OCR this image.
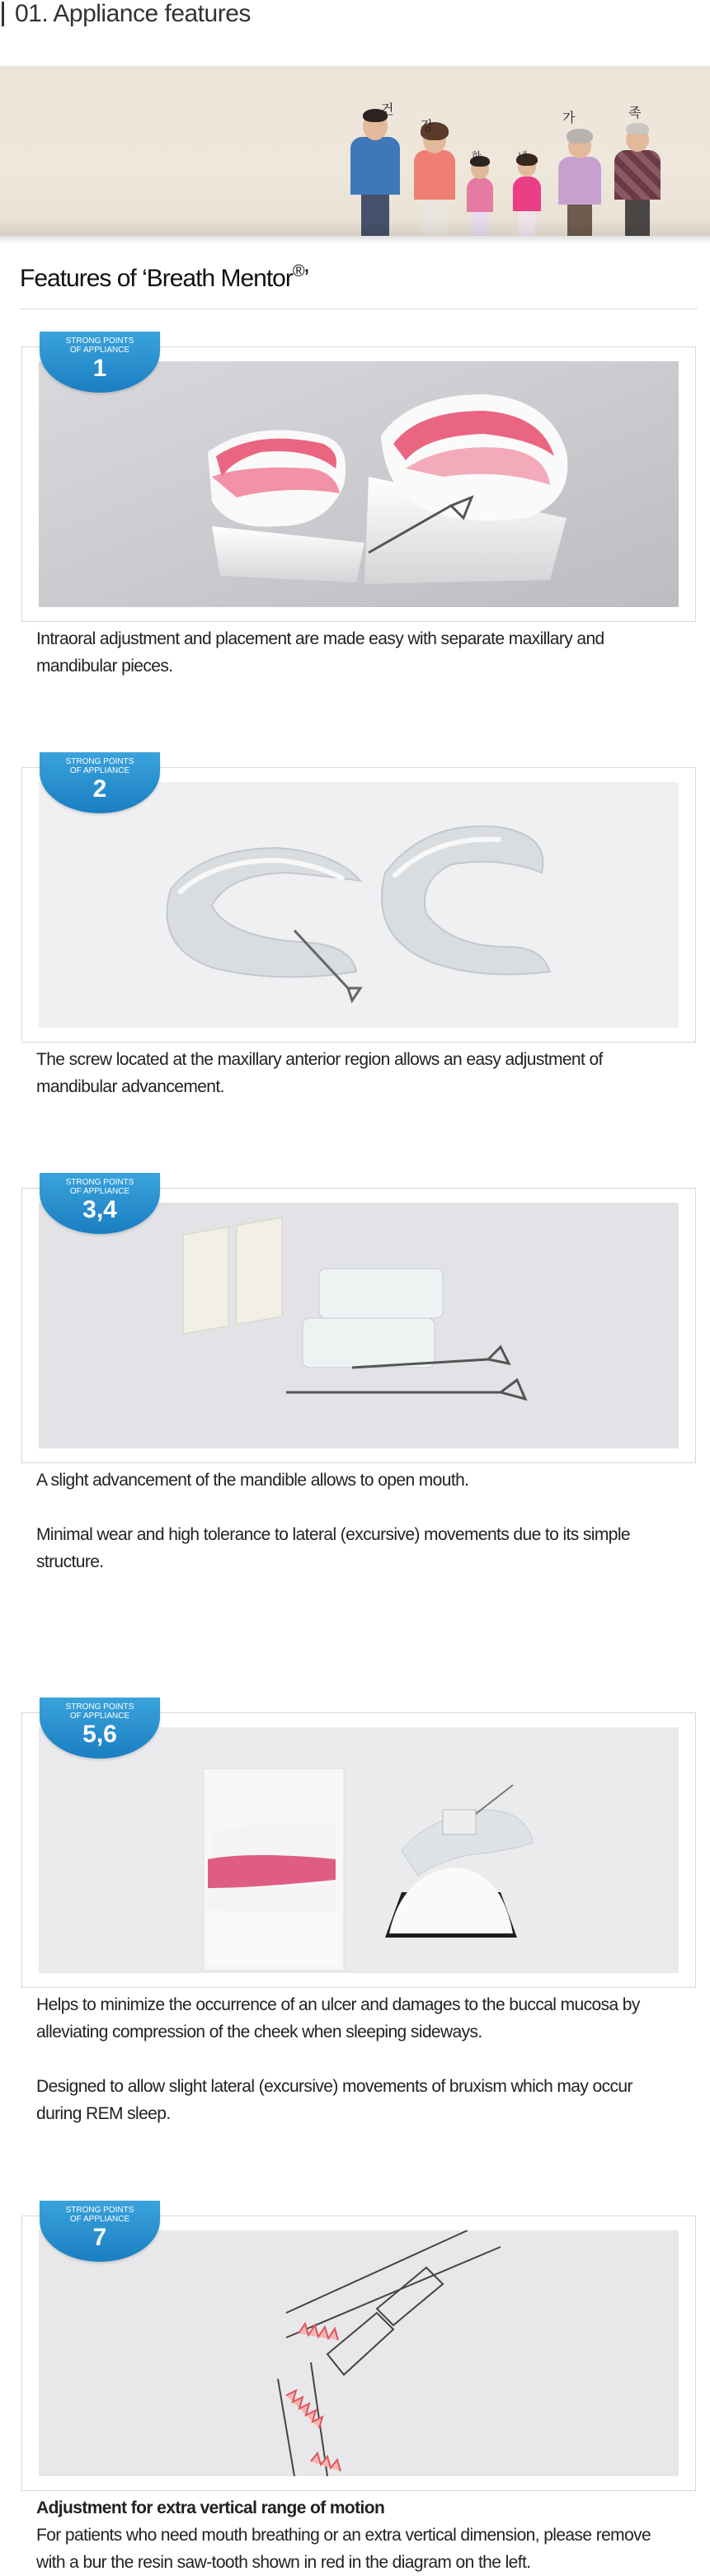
01. Appliance features
건
강
한	내
가	족
Features of ‘Breath Mentor®’
STRONG POINTS
OF APPLIANCE
1

Intraoral adjustment and placement are made easy with separate maxillary and mandibular pieces.

STRONG POINTS
OF APPLIANCE
2

The screw located at the maxillary anterior region allows an easy adjustment of mandibular advancement.

STRONG POINTS
OF APPLIANCE
3,4

A slight advancement of the mandible allows to open mouth.

Minimal wear and high tolerance to lateral (excursive) movements due to its simple structure.

STRONG POINTS
OF APPLIANCE
5,6

Helps to minimize the occurrence of an ulcer and damages to the buccal mucosa by alleviating compression of the cheek when sleeping sideways.

Designed to allow slight lateral (excursive) movements of bruxism which may occur during REM sleep.

STRONG POINTS
OF APPLIANCE
7

Adjustment for extra vertical range of motion

For patients who need mouth breathing or an extra vertical dimension, please remove with a bur the resin saw-tooth shown in red in the diagram on the left.
